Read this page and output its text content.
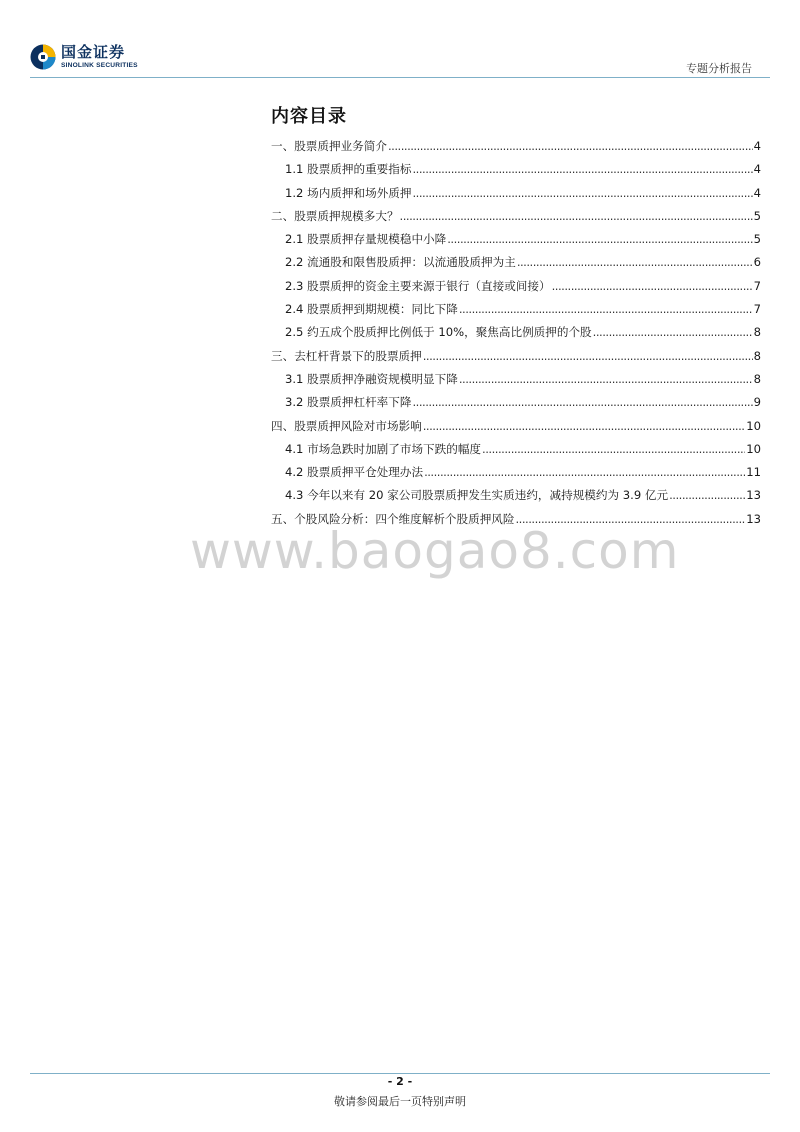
国金证券
SINOLINK SECURITIES	专题分析报告
内容目录
一、股票质押业务简介 .....	4
1.1 股票质押的重要指标 .....	4
1.2 场内质押和场外质押 .....	4
二、股票质押规模多大？ .....	5
2.1 股票质押存量规模稳中小降 .....	5
2.2 流通股和限售股质押：以流通股质押为主 .....	6
2.3 股票质押的资金主要来源于银行（直接或间接） .....	7
2.4 股票质押到期规模：同比下降 .....	7
2.5 约五成个股质押比例低于 10%，聚焦高比例质押的个股 .....	8
三、去杠杆背景下的股票质押 .....	8
3.1 股票质押净融资规模明显下降 .....	8
3.2 股票质押杠杆率下降 .....	9
四、股票质押风险对市场影响 .....	10
4.1 市场急跌时加剧了市场下跌的幅度 .....	10
4.2 股票质押平仓处理办法 .....	11
4.3 今年以来有 20 家公司股票质押发生实质违约，减持规模约为 3.9 亿元 .....	13
五、个股风险分析：四个维度解析个股质押风险 .....	13
www.baogao8.com
- 2 -
敬请参阅最后一页特别声明
